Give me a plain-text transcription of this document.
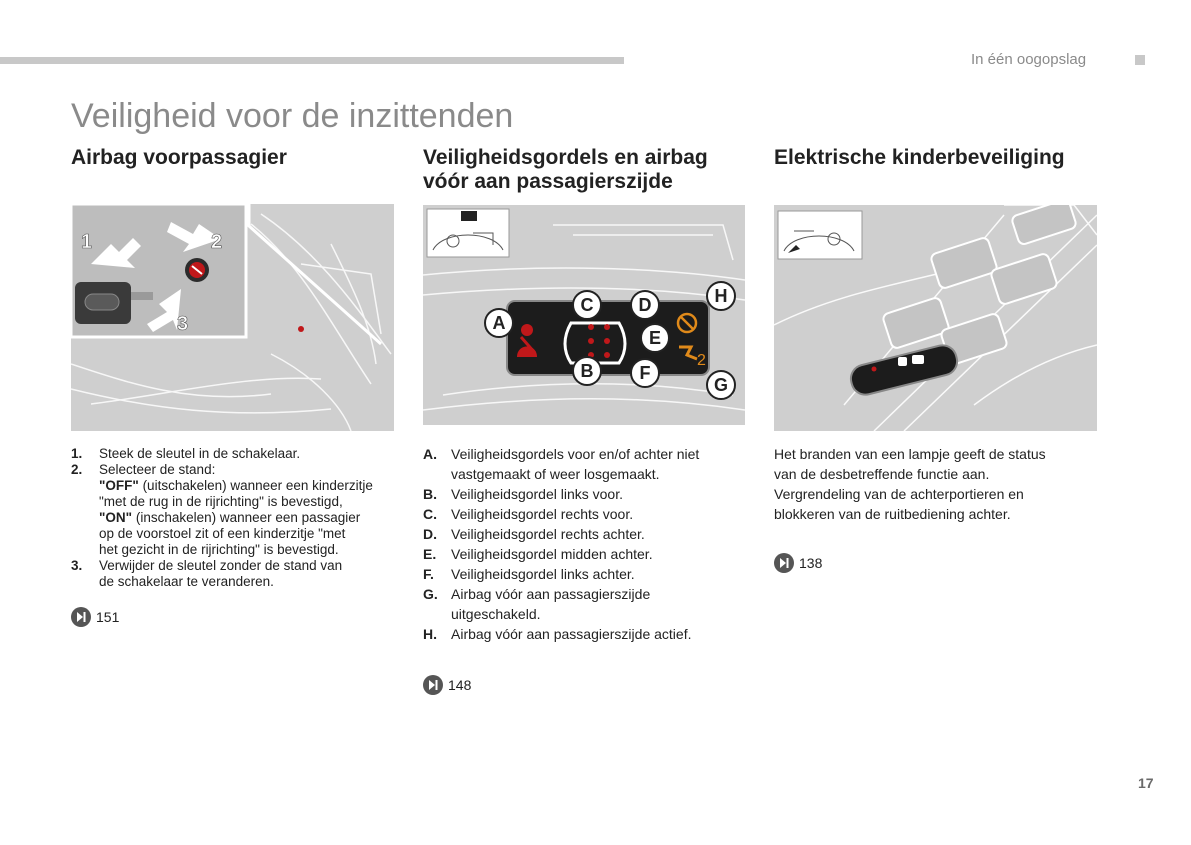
In één oogopslag
Veiligheid voor de inzittenden
Airbag voorpassagier	Veiligheidsgordels en airbag
vóór aan passagierszijde
Elektrische kinderbeveiliging
1	2
3
2
A
B
C	D
E
F
G
H
1.	Steek de sleutel in de schakelaar.
2.	Selecteer de stand:
"OFF" (uitschakelen) wanneer een kinderzitje
"met de rug in de rijrichting" is bevestigd,
"ON" (inschakelen) wanneer een passagier
op de voorstoel zit of een kinderzitje "met
het gezicht in de rijrichting" is bevestigd.
3.	Verwijder de sleutel zonder de stand van
de schakelaar te veranderen.
151
A.	Veiligheidsgordels voor en/of achter niet vastgemaakt of weer losgemaakt.
B.	Veiligheidsgordel links voor.
C.	Veiligheidsgordel rechts voor.
D.	Veiligheidsgordel rechts achter.
E.	Veiligheidsgordel midden achter.
F.	Veiligheidsgordel links achter.
G. Airbag vóór aan passagierszijde uitgeschakeld.
H.	Airbag vóór aan passagierszijde actief.
148

Het branden van een lampje geeft de status
van de desbetreffende functie aan.
Vergrendeling van de achterportieren en
blokkeren van de ruitbediening achter.

138
17
